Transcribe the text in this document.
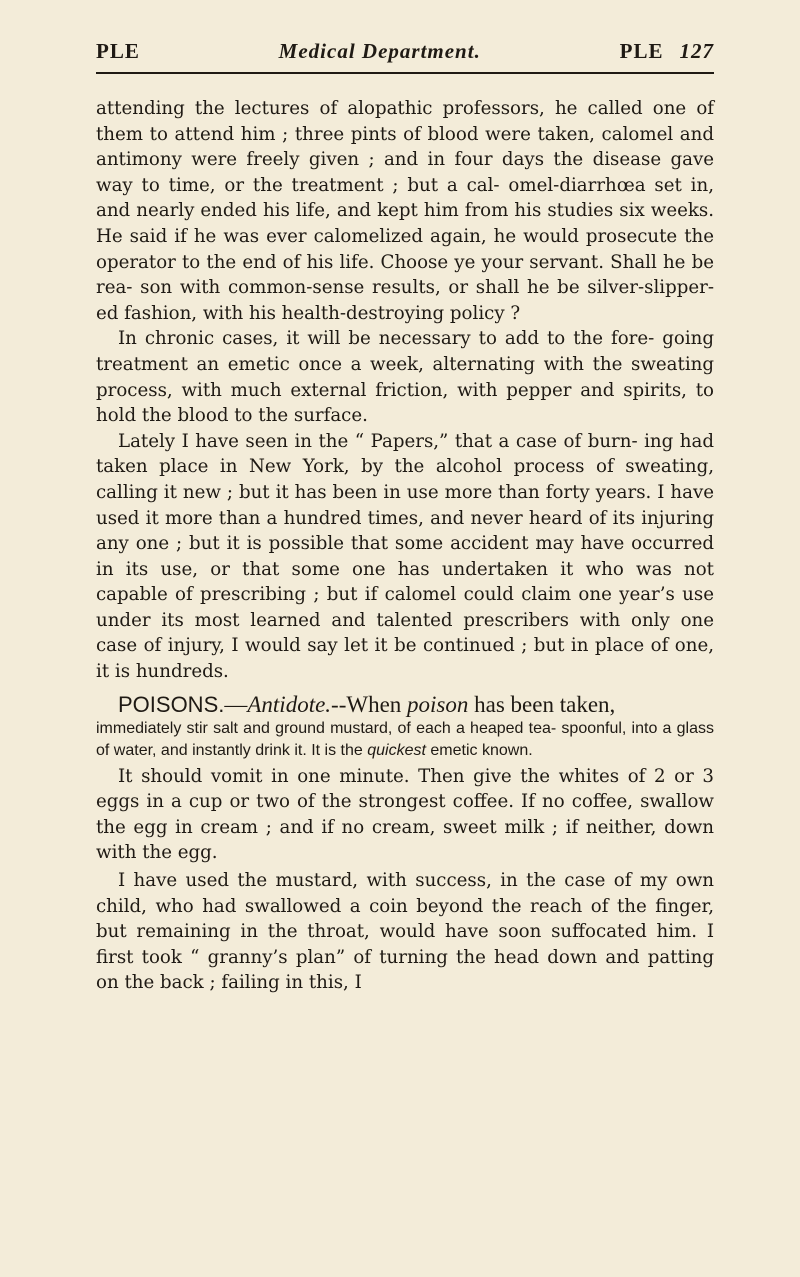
PLE	Medical Department.	PLE 127

attending the lectures of alopathic professors, he called one of them to attend him ; three pints of blood were taken, calomel and antimony were freely given ; and in four days the disease gave way to time, or the treatment ; but a cal- omel-diarrhœa set in, and nearly ended his life, and kept him from his studies six weeks. He said if he was ever calomelized again, he would prosecute the operator to the end of his life. Choose ye your servant. Shall he be rea- son with common-sense results, or shall he be silver-slipper- ed fashion, with his health-destroying policy ?

In chronic cases, it will be necessary to add to the fore- going treatment an emetic once a week, alternating with the sweating process, with much external friction, with pepper and spirits, to hold the blood to the surface.

Lately I have seen in the “ Papers,” that a case of burn- ing had taken place in New York, by the alcohol process of sweating, calling it new ; but it has been in use more than forty years. I have used it more than a hundred times, and never heard of its injuring any one ; but it is possible that some accident may have occurred in its use, or that some one has undertaken it who was not capable of prescribing ; but if calomel could claim one year’s use under its most learned and talented prescribers with only one case of injury, I would say let it be continued ; but in place of one, it is hundreds.

POISONS.—Antidote.--When poison has been taken,

immediately stir salt and ground mustard, of each a heaped tea- spoonful, into a glass of water, and instantly drink it. It is the quickest emetic known.

It should vomit in one minute. Then give the whites of 2 or 3 eggs in a cup or two of the strongest coffee. If no coffee, swallow the egg in cream ; and if no cream, sweet milk ; if neither, down with the egg.

I have used the mustard, with success, in the case of my own child, who had swallowed a coin beyond the reach of the finger, but remaining in the throat, would have soon suffocated him. I first took “ granny’s plan” of turning the head down and patting on the back ; failing in this, I
